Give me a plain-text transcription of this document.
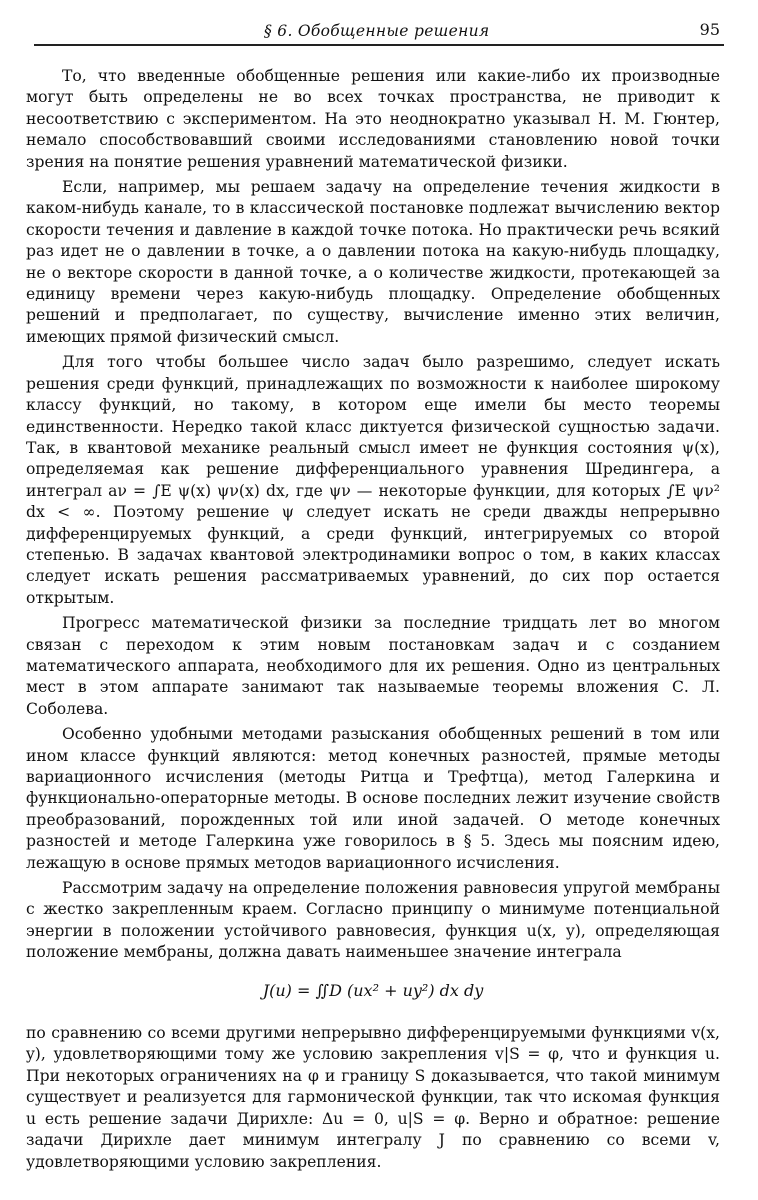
§ 6. Обобщенные решения	95

То, что введенные обобщенные решения или какие-либо их производные могут быть определены не во всех точках пространства, не приводит к несоответствию с экспериментом. На это неоднократно указывал Н. М. Гюнтер, немало способствовавший своими исследованиями становлению новой точки зрения на понятие решения уравнений математической физики.

Если, например, мы решаем задачу на определение течения жидкости в каком-нибудь канале, то в классической постановке подлежат вычислению вектор скорости течения и давление в каждой точке потока. Но практически речь всякий раз идет не о давлении в точке, а о давлении потока на какую-нибудь площадку, не о векторе скорости в данной точке, а о количестве жидкости, протекающей за единицу времени через какую-нибудь площадку. Определение обобщенных решений и предполагает, по существу, вычисление именно этих величин, имеющих прямой физический смысл.

Для того чтобы большее число задач было разрешимо, следует искать решения среди функций, принадлежащих по возможности к наиболее широкому классу функций, но такому, в котором еще имели бы место теоремы единственности. Нередко такой класс диктуется физической сущностью задачи. Так, в квантовой механике реальный смысл имеет не функция состояния ψ(x), определяемая как решение дифференциального уравнения Шредингера, а интеграл aν = ∫E ψ(x) ψν(x) dx, где ψν — некоторые функции, для которых ∫E ψν² dx < ∞. Поэтому решение ψ следует искать не среди дважды непрерывно дифференцируемых функций, а среди функций, интегрируемых со второй степенью. В задачах квантовой электродинамики вопрос о том, в каких классах следует искать решения рассматриваемых уравнений, до сих пор остается открытым.

Прогресс математической физики за последние тридцать лет во многом связан с переходом к этим новым постановкам задач и с созданием математического аппарата, необходимого для их решения. Одно из центральных мест в этом аппарате занимают так называемые теоремы вложения С. Л. Соболева.

Особенно удобными методами разыскания обобщенных решений в том или ином классе функций являются: метод конечных разностей, прямые методы вариационного исчисления (методы Ритца и Трефтца), метод Галеркина и функционально-операторные методы. В основе последних лежит изучение свойств преобразований, порожденных той или иной задачей. О методе конечных разностей и методе Галеркина уже говорилось в § 5. Здесь мы поясним идею, лежащую в основе прямых методов вариационного исчисления.

Рассмотрим задачу на определение положения равновесия упругой мембраны с жестко закрепленным краем. Согласно принципу о минимуме потенциальной энергии в положении устойчивого равновесия, функция u(x, y), определяющая положение мембраны, должна давать наименьшее значение интеграла

J(u) = ∬D (ux² + uy²) dx dy

по сравнению со всеми другими непрерывно дифференцируемыми функциями v(x, y), удовлетворяющими тому же условию закрепления v|S = φ, что и функция u. При некоторых ограничениях на φ и границу S доказывается, что такой минимум существует и реализуется для гармонической функции, так что искомая функция u есть решение задачи Дирихле: Δu = 0, u|S = φ. Верно и обратное: решение задачи Дирихле дает минимум интегралу J по сравнению со всеми v, удовлетворяющими условию закрепления.
